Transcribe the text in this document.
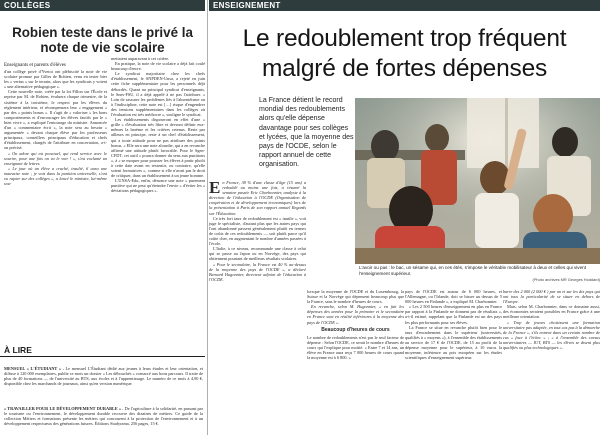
COLLÈGES
Robien teste dans le privé la note de vie scolaire
Enseignants et parents d'élèves
d'un collège privé d'Yvetot ont plébiscité la note de vie scolaire promue par Gilles de Robien, venu en tester hier les « vertus » sur le terrain, alors que les syndicats y voient « une alternative pédagogique ».
Cette nouvelle note, créée par la loi Fillon sur l'École et reprise par M. de Robien, évaluera chaque trimestre, de la sixième à la troisième, le respect par les élèves du règlement intérieur, et récompensera leur « engagement » par des « points bonus ». Il s'agit de « valoriser » les bons comportements et d'encourager les élèves fautifs par le « bien vivre », a expliqué l'entourage du ministre. Annoncée d'un « commentaire écrit », la note sera au besoin « argumentée » devant chaque élève par les professeurs principaux, conseillers principaux d'éducation et chefs d'établissement, chargés de l'attribuer en concertation, a-t-on précisé.
« On adore qui est ponctuel, qui rend service avec le sourire, pour une fois on va le voir ! », s'est exclamé un enseignant de lettres.
« Le jour où un élève a craché, insulté, il aura une mauvaise note ; je vois dans la punition universelle, s'ont vu rapter sur des collèges », a lancé le ministre, lui-même sou-
mettaient auparavant à cet critère.
En pratique, la note de vie scolaire a déjà fait coulé beaucoup d'encre.
Le syndicat majoritaire chez les chefs d'établissement, le SNPDEN-Unsa, a rejeté en juin cette fiche supplémentaire pour les personnels déjà débordés. Quant au principal syndicat d'enseignants, le Snes-FSU, il a déjà appelé à ne pas l'attribuer. « Loin de rassurer les problèmes liés à l'absentéisme ou à l'indiscipline, cette note est […] risque d'engendrer des tensions supplémentaires dans les collèges où l'évaluation est très médiocre », souligne le syndicat.
Les établissements disposeront en effet d'une « grille » d'évaluation très libre et devront définir eux-mêmes la barème et les critères retenus. Reste par ailleurs en principe, reste à un chef d'établissement, qui a toute attitude pour ne pas attribuer des points bonus. « Elle sera une note alourdie, qui a en revanche affirmé une attitude plutôt favorable. Pour le Sgen-CFDT, cet outil « pourra donner du sens aux punitions », à « se moquer pour pousser les élèves à partir plutôt à cette date avant en ressentir, ou contraire, qu'elle soient formatrices », comme si elle n'avait pas le droit de critiquer, dans un établissement à un jeune homme.
L'UNSA-Edu, enfin, dénonce une note « purement punitive qui ne peut qu'éteindre l'envie » d'éviter les « déviations pédagogiques ».
À LIRE
MENSUEL « L'ÉTUDIANT » . Le mensuel L'Étudiant dédié aux jeunes à leurs études et leur orientation, et diffuse à 120 000 exemplaires, publie ce mois un dossier « Les débouchés » consacré aux bons parcours. Il traite de plus de 40 formations — de l'université au BTS, aux écoles et à l'apprentissage. Le numéro de ce mois à 4,90 €, disponible chez les marchands de journaux, ainsi qu'en version numérique.
« TRAVAILLER POUR LE DÉVELOPPEMENT DURABLE » . De l'agriculture à la solidarité, en passant par le tourisme ou l'environnement, le développement durable recouvre des dizaines de métiers. Ce guide de la collection Métiers et formations présente les métiers qui concourent à la protection de l'environnement et à un développement respectueux des générations futures. Éditions Studyrama, 256 pages, 15 €.
ENSEIGNEMENT
Le redoublement trop fréquent
malgré de fortes dépenses
La France détient le record mondial des redoublements alors qu'elle dépense davantage pour ses collèges et lycées, que la moyenne des pays de l'OCDE, selon le rapport annuel de cette organisation.
L'avoir ou pas : le bac, un sésame qui, en ces étés, s'impose le véritable mobilisateur à deux et celles qui vivent l'enseignement supérieur.
(Photo archives MR Georges Hoddard)
En France, 38 % d'une classe d'âge (15 ans) a redoublé au moins une fois, a résumé la semaine passée Eric Charbonnier, analyste à la direction de l'éducation à l'OCDE (Organisation de coopération et de développement économiques) lors de la présentation à Paris de son rapport annuel Regards sur l'Éducation.
Ce très fort taux de redoublement est « inutile », voit juge le spécialiste, d'autant plus que les autres pays qui l'ont abandonné passent généralement plutôt en termes de coûts de ces redoublements — soit plutôt parce qu'il coûte cher, en augmentant le nombre d'années passées à l'école.
L'Italie, à ce niveau, recommande une classe à celui qui se passe au Japon ou en Norvège, des pays qui obtiennent pourtant de meilleurs résultats scolaires.
« Pour le secondaire, la France est 40 % au-dessus de la moyenne des pays de l'OCDE », a déclaré Bernard Hugonnier, directeur adjoint de l'éducation à l'OCDE.
lorsque la moyenne de l'OCDE et du Luxembourg, la Suisse et la Norvège qui dépensent beaucoup plus que la France, sans le nombre d'heures de cours.
En revanche, selon M. Hugonnier, « en fait les dépenses des années pour la primaire et le secondaire en France sont en réalité inférieures à la moyenne des pays de l'OCDE ».
Beaucoup d'heures de cours
Le nombre de redoublements n'est pas le seul facteur de dépense : Selon l'OCDE, ce serait le nombre d'heures de cours qui l'explique pour moitié. « Entre 7 et 14 ans, un élève en France aura reçu 7 000 heures de cours quand la moyenne est à 6 800. »
pays de l'OCDE est autour de 6 000 heures, et l'Allemagne, ou l'Irlande, doit se hisser au dessus de 5 000 heures en Finlande », a expliqué M. Charbonnier.
« Les 2 500 heures d'enseignement en plus en France par rapport à la Finlande ne donnent pas de résultats », a-t-il estimé, rappelant que la Finlande est un des pays les plus performants pour ses élèves.
La France se situe en revanche plutôt bien pour le taux d'encadrement dans le supérieur (universités, qualifiés à « moyens »), à l'ensemble des établissements au service de 17 € de l'OCDE, de 15 au profit de la dépense moyenne pour le supérieur, à 10 euros la moyenne, inférieure au prix européen sur les études scientifiques d'enseignement supérieur.
barre des 2 000 (2 000 € ) par an et sur les dix pays qui ont tous la particularité de se situer en dehors de l'Europe.
Mais, selon M. Charbonnier, dans ce domaine aussi, des économies seraient possibles en France grâce à une meilleure orientation.
« Trop de jeunes choisissent une formation universitaire pas adaptée, en tout cas pas à la démarche de la France », s'ils entrent dans un certain nombre de cas « face à l'échec » ; « à l'ensemble des cursus universitaires — IUT, BTS — les élèves se disent plus qualifiés ou plus technologiques ».
